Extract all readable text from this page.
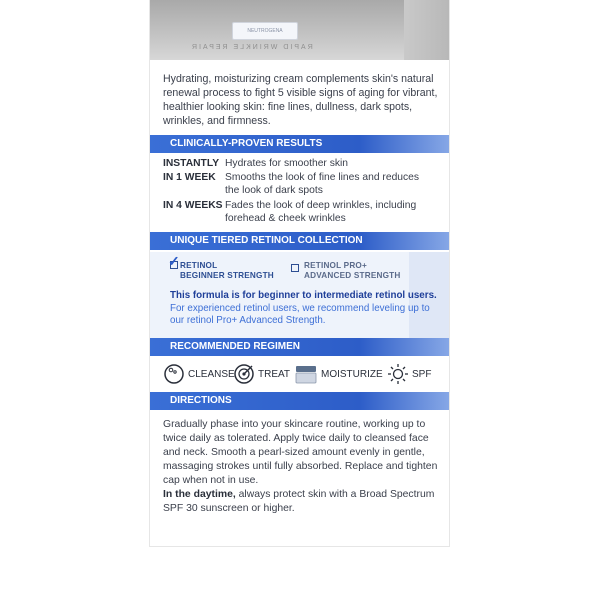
NEUTROGENA
RAPID WRINKLE REPAIR

Hydrating, moisturizing cream complements skin's natural renewal process to fight 5 visible signs of aging for vibrant, healthier looking skin: fine lines, dullness, dark spots, wrinkles, and firmness.

CLINICALLY-PROVEN RESULTS
INSTANTLY Hydrates for smoother skin
IN 1 WEEK Smooths the look of fine lines and reduces the look of dark spots
IN 4 WEEKS Fades the look of deep wrinkles, including forehead & cheek wrinkles
UNIQUE TIERED RETINOL COLLECTION
✓ RETINOL
BEGINNER STRENGTH
RETINOL PRO+
ADVANCED STRENGTH
This formula is for beginner to intermediate retinol users. For experienced retinol users, we recommend leveling up to our retinol Pro+ Advanced Strength.
RECOMMENDED REGIMEN
CLEANSE TREAT	MOISTURIZE	SPF
DIRECTIONS
Gradually phase into your skincare routine, working up to twice daily as tolerated. Apply twice daily to cleansed face and neck. Smooth a pearl-sized amount evenly in gentle, massaging strokes until fully absorbed. Replace and tighten cap when not in use.
In the daytime, always protect skin with a Broad Spectrum SPF 30 sunscreen or higher.
